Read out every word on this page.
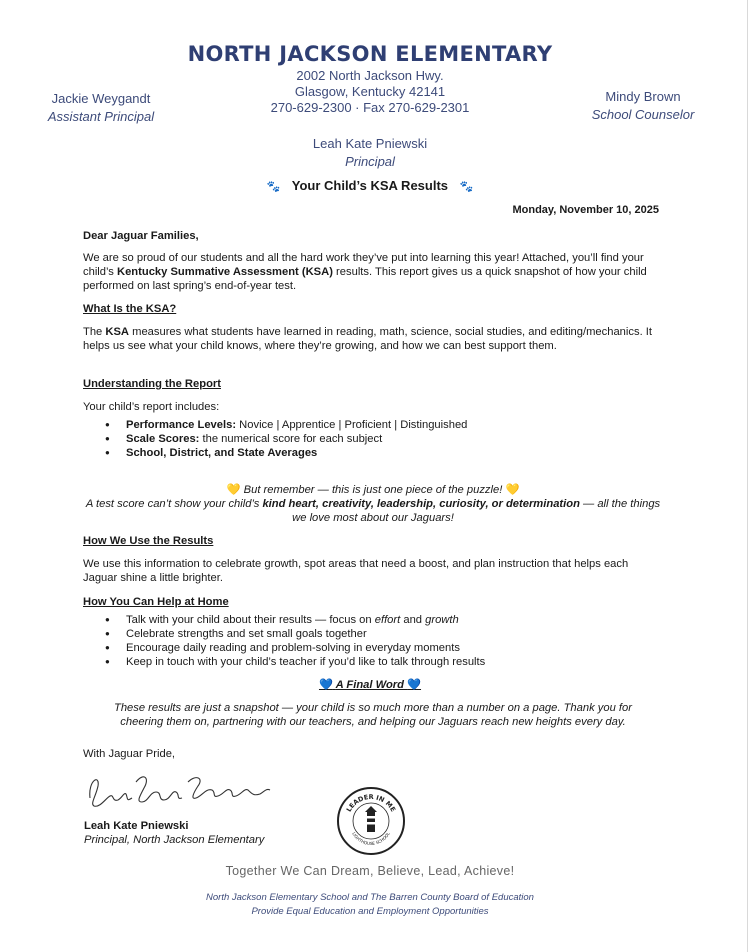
NORTH JACKSON ELEMENTARY
2002 North Jackson Hwy.
Glasgow, Kentucky 42141
270-629-2300 · Fax 270-629-2301
Jackie Weygandt
Assistant Principal
Mindy Brown
School Counselor
Leah Kate Pniewski
Principal
🐾 Your Child’s KSA Results 🐾
Monday, November 10, 2025
Dear Jaguar Families,
We are so proud of our students and all the hard work they’ve put into learning this year! Attached, you’ll find your child’s Kentucky Summative Assessment (KSA) results. This report gives us a quick snapshot of how your child performed on last spring’s end-of-year test.
What Is the KSA?
The KSA measures what students have learned in reading, math, science, social studies, and editing/mechanics. It helps us see what your child knows, where they’re growing, and how we can best support them.
Understanding the Report
Your child’s report includes:
● Performance Levels: Novice | Apprentice | Proficient | Distinguished
● Scale Scores: the numerical score for each subject
● School, District, and State Averages
💛 But remember — this is just one piece of the puzzle! 💛
A test score can’t show your child’s kind heart, creativity, leadership, curiosity, or determination — all the things we love most about our Jaguars!
How We Use the Results
We use this information to celebrate growth, spot areas that need a boost, and plan instruction that helps each Jaguar shine a little brighter.
How You Can Help at Home
● Talk with your child about their results — focus on effort and growth
● Celebrate strengths and set small goals together
● Encourage daily reading and problem-solving in everyday moments
● Keep in touch with your child’s teacher if you’d like to talk through results
💙 A Final Word 💙
These results are just a snapshot — your child is so much more than a number on a page. Thank you for cheering them on, partnering with our teachers, and helping our Jaguars reach new heights every day.
With Jaguar Pride,
Leah Kate Pniewski
Leah Kate Pniewski
Principal, North Jackson Elementary
LEADER IN ME
LIGHTHOUSE SCHOOL
Together We Can Dream, Believe, Lead, Achieve!
North Jackson Elementary School and The Barren County Board of Education
Provide Equal Education and Employment Opportunities
